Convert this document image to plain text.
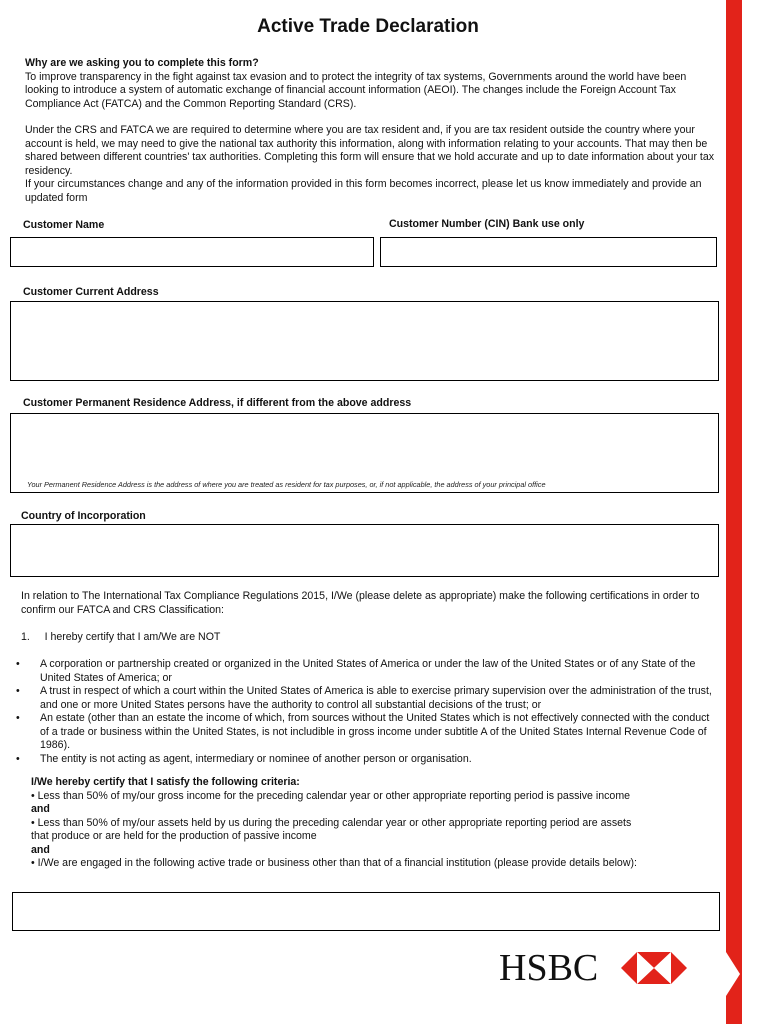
Active Trade Declaration

Why are we asking you to complete this form?

To improve transparency in the fight against tax evasion and to protect the integrity of tax systems, Governments around the world have been looking to introduce a system of automatic exchange of financial account information (AEOI). The changes include the Foreign Account Tax Compliance Act (FATCA) and the Common Reporting Standard (CRS).

Under the CRS and FATCA we are required to determine where you are tax resident and, if you are tax resident outside the country where your account is held, we may need to give the national tax authority this information, along with information relating to your accounts. That may then be shared between different countries' tax authorities. Completing this form will ensure that we hold accurate and up to date information about your tax residency.

If your circumstances change and any of the information provided in this form becomes incorrect, please let us know immediately and provide an updated form

Customer Name	Customer Number (CIN) Bank use only
Customer Current Address
Customer Permanent Residence Address, if different from the above address
Your Permanent Residence Address is the address of where you are treated as resident for tax purposes, or, if not applicable, the address of your principal office
Country of Incorporation
In relation to The International Tax Compliance Regulations 2015, I/We (please delete as appropriate) make the following certifications in order to confirm our FATCA and CRS Classification:
1. I hereby certify that I am/We are NOT
• A corporation or partnership created or organized in the United States of America or under the law of the United States or of any State of the United States of America; or
• A trust in respect of which a court within the United States of America is able to exercise primary supervision over the administration of the trust, and one or more United States persons have the authority to control all substantial decisions of the trust; or
• An estate (other than an estate the income of which, from sources without the United States which is not effectively connected with the conduct of a trade or business within the United States, is not includible in gross income under subtitle A of the United States Internal Revenue Code of 1986).
• The entity is not acting as agent, intermediary or nominee of another person or organisation.
I/We hereby certify that I satisfy the following criteria:
• Less than 50% of my/our gross income for the preceding calendar year or other appropriate reporting period is passive income
and
• Less than 50% of my/our assets held by us during the preceding calendar year or other appropriate reporting period are assets that produce or are held for the production of passive income
and
• I/We are engaged in the following active trade or business other than that of a financial institution (please provide details below):
HSBC
